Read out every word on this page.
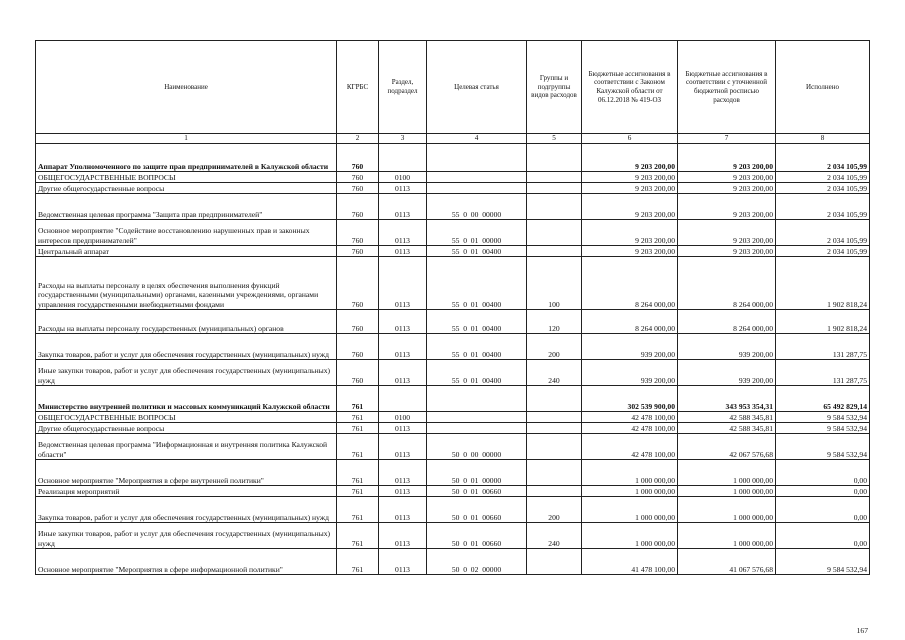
Наименование	КГРБС	Раздел, подраздел	Целевая статья	Группы и подгруппы видов расходов	Бюджетные ассигнования в соответствии с Законом Калужской области от 06.12.2018 № 419-ОЗ	Бюджетные ассигнования в соответствии с уточненной бюджетной росписью расходов	Исполнено
1	2	3	4	5	6	7	8
Аппарат Уполномоченного по защите прав предпринимателей в Калужской области	760				9 203 200,00	9 203 200,00	2 034 105,99
ОБЩЕГОСУДАРСТВЕННЫЕ ВОПРОСЫ	760	0100			9 203 200,00	9 203 200,00	2 034 105,99
Другие общегосударственные вопросы	760	0113			9 203 200,00	9 203 200,00	2 034 105,99
Ведомственная целевая программа "Защита прав предпринимателей"	760	0113	55  0  00  00000		9 203 200,00	9 203 200,00	2 034 105,99
Основное мероприятие "Содействие восстановлению нарушенных прав и законных интересов предпринимателей"	760	0113	55  0  01  00000		9 203 200,00	9 203 200,00	2 034 105,99
Центральный аппарат	760	0113	55  0  01  00400		9 203 200,00	9 203 200,00	2 034 105,99
Расходы на выплаты персоналу в целях обеспечения выполнения функций государственными (муниципальными) органами, казенными учреждениями, органами управления государственными внебюджетными фондами	760	0113	55  0  01  00400	100	8 264 000,00	8 264 000,00	1 902 818,24
Расходы на выплаты персоналу государственных (муниципальных) органов	760	0113	55  0  01  00400	120	8 264 000,00	8 264 000,00	1 902 818,24
Закупка товаров, работ и услуг для обеспечения государственных (муниципальных) нужд	760	0113	55  0  01  00400	200	939 200,00	939 200,00	131 287,75
Иные закупки товаров, работ и услуг для обеспечения государственных (муниципальных) нужд	760	0113	55  0  01  00400	240	939 200,00	939 200,00	131 287,75
Министерство внутренней политики и массовых коммуникаций Калужской области	761				302 539 900,00	343 953 354,31	65 492 829,14
ОБЩЕГОСУДАРСТВЕННЫЕ ВОПРОСЫ	761	0100			42 478 100,00	42 588 345,81	9 584 532,94
Другие общегосударственные вопросы	761	0113			42 478 100,00	42 588 345,81	9 584 532,94
Ведомственная целевая программа "Информационная и внутренняя политика Калужской области"	761	0113	50  0  00  00000		42 478 100,00	42 067 576,68	9 584 532,94
Основное мероприятие "Мероприятия в сфере внутренней политики"	761	0113	50  0  01  00000		1 000 000,00	1 000 000,00	0,00
Реализация мероприятий	761	0113	50  0  01  00660		1 000 000,00	1 000 000,00	0,00
Закупка товаров, работ и услуг для обеспечения государственных (муниципальных) нужд	761	0113	50  0  01  00660	200	1 000 000,00	1 000 000,00	0,00
Иные закупки товаров, работ и услуг для обеспечения государственных (муниципальных) нужд	761	0113	50  0  01  00660	240	1 000 000,00	1 000 000,00	0,00
Основное мероприятие "Мероприятия в сфере информационной политики"	761	0113	50  0  02  00000		41 478 100,00	41 067 576,68	9 584 532,94
167
